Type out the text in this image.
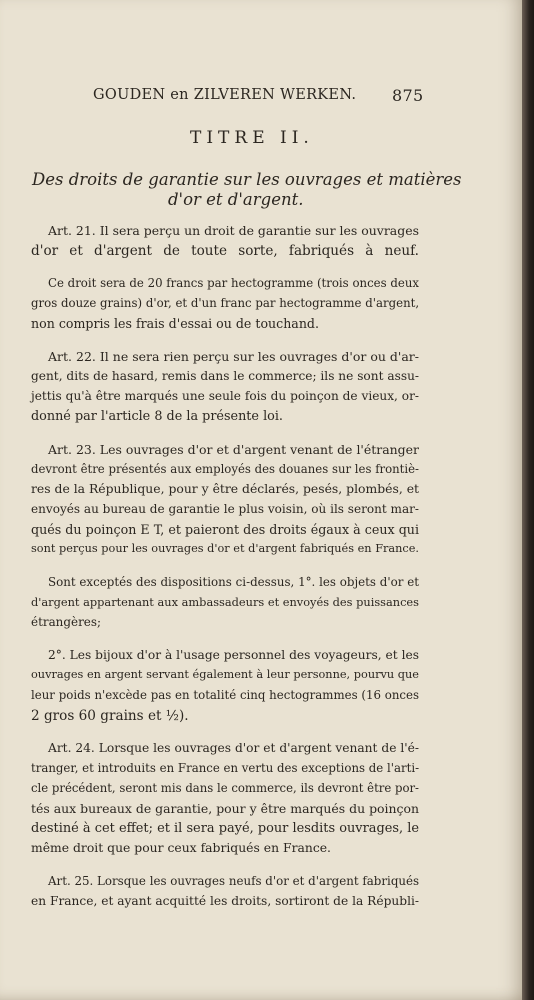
GOUDEN en ZILVEREN WERKEN. 875
TITRE II.
Des droits de garantie sur les ouvrages et matières
d'or et d'argent.
Art. 21. Il sera perçu un droit de garantie sur les ouvrages
d'or et d'argent de toute sorte, fabriqués à neuf.
Ce droit sera de 20 francs par hectogramme (trois onces deux
gros douze grains) d'or, et d'un franc par hectogramme d'argent,
non compris les frais d'essai ou de touchand.
Art. 22. Il ne sera rien perçu sur les ouvrages d'or ou d'ar-
gent, dits de hasard, remis dans le commerce; ils ne sont assu-
jettis qu'à être marqués une seule fois du poinçon de vieux, or-
donné par l'article 8 de la présente loi.
Art. 23. Les ouvrages d'or et d'argent venant de l'étranger
devront être présentés aux employés des douanes sur les frontiè-
res de la République, pour y être déclarés, pesés, plombés, et
envoyés au bureau de garantie le plus voisin, où ils seront mar-
qués du poinçon E T, et paieront des droits égaux à ceux qui
sont perçus pour les ouvrages d'or et d'argent fabriqués en France.
Sont exceptés des dispositions ci-dessus, 1°. les objets d'or et
d'argent appartenant aux ambassadeurs et envoyés des puissances
étrangères;
2°. Les bijoux d'or à l'usage personnel des voyageurs, et les
ouvrages en argent servant également à leur personne, pourvu que
leur poids n'excède pas en totalité cinq hectogrammes (16 onces
2 gros 60 grains et ½).
Art. 24. Lorsque les ouvrages d'or et d'argent venant de l'é-
tranger, et introduits en France en vertu des exceptions de l'arti-
cle précédent, seront mis dans le commerce, ils devront être por-
tés aux bureaux de garantie, pour y être marqués du poinçon
destiné à cet effet; et il sera payé, pour lesdits ouvrages, le
même droit que pour ceux fabriqués en France.
Art. 25. Lorsque les ouvrages neufs d'or et d'argent fabriqués
en France, et ayant acquitté les droits, sortiront de la Républi-
